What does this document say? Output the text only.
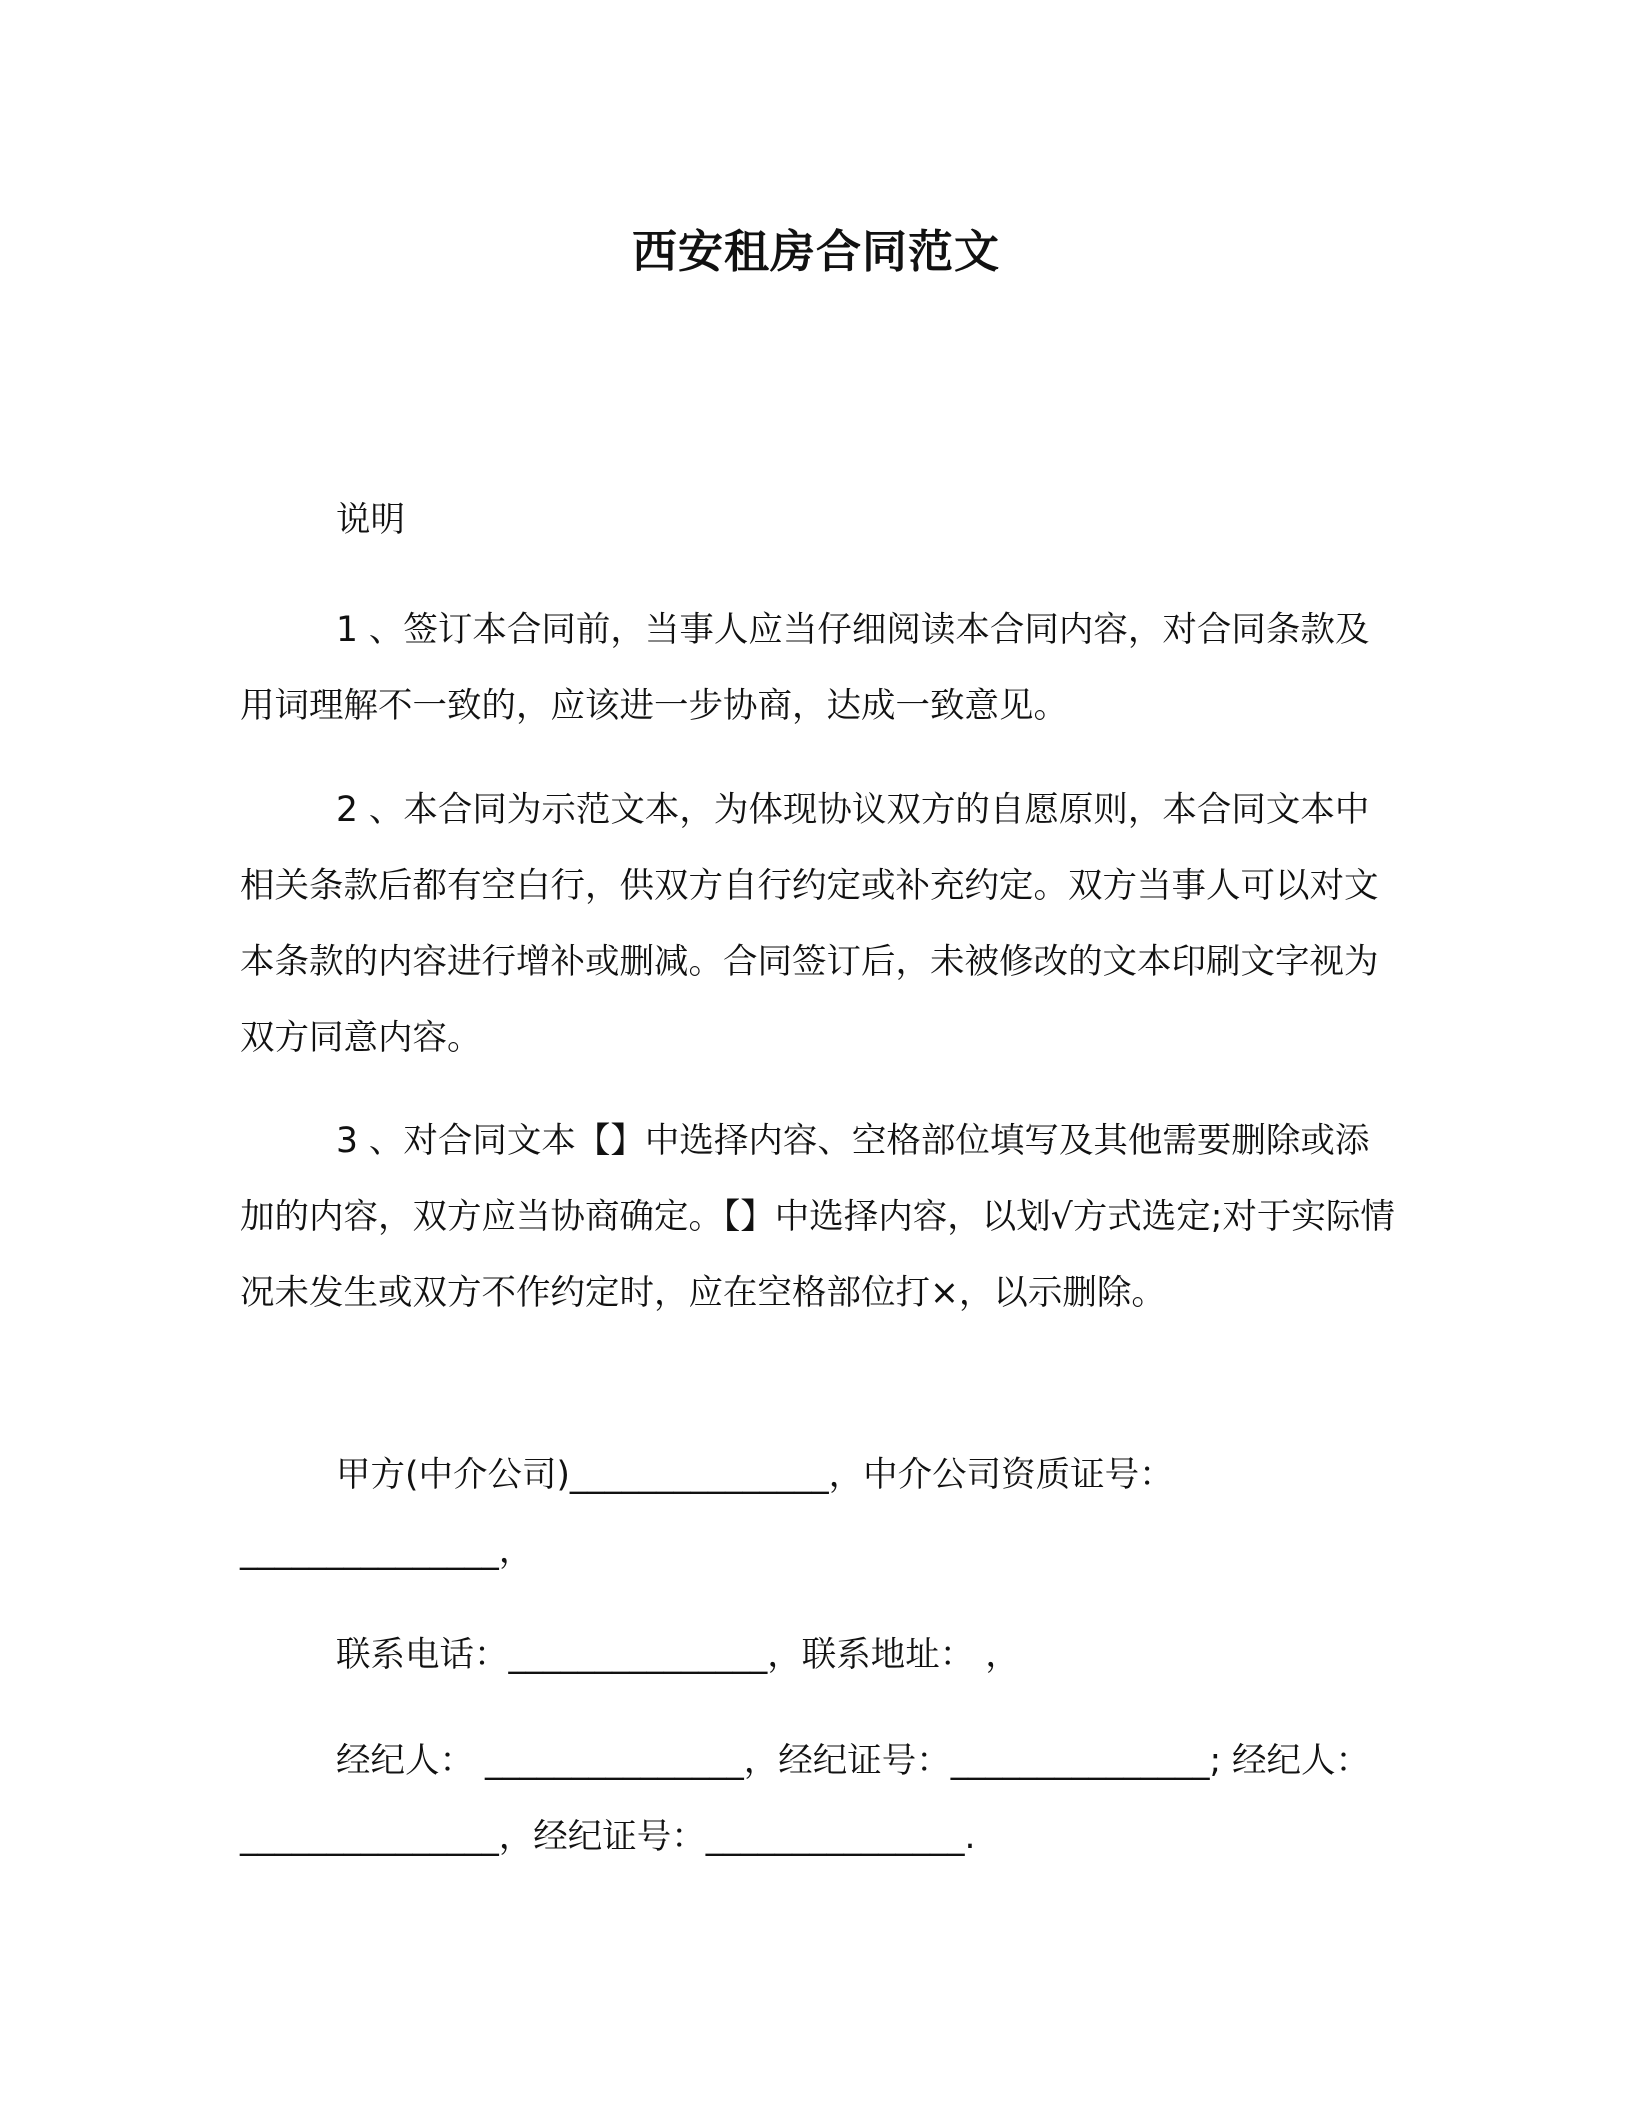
西安租房合同范文

说明

1 、签订本合同前，当事人应当仔细阅读本合同内容，对合同条款及用词理解不一致的，应该进一步协商，达成一致意见。

2 、本合同为示范文本，为体现协议双方的自愿原则，本合同文本中相关条款后都有空白行，供双方自行约定或补充约定。双方当事人可以对文本条款的内容进行增补或删减。合同签订后，未被修改的文本印刷文字视为双方同意内容。

3 、对合同文本【】中选择内容、空格部位填写及其他需要删除或添加的内容，双方应当协商确定。【】中选择内容，以划√方式选定;对于实际情况未发生或双方不作约定时，应在空格部位打×，以示删除。

甲方(中介公司)_______________，中介公司资质证号：_______________，

联系电话：_______________，联系地址： ，

经纪人： _______________，经纪证号：_______________; 经纪人：_______________，经纪证号：_______________.
